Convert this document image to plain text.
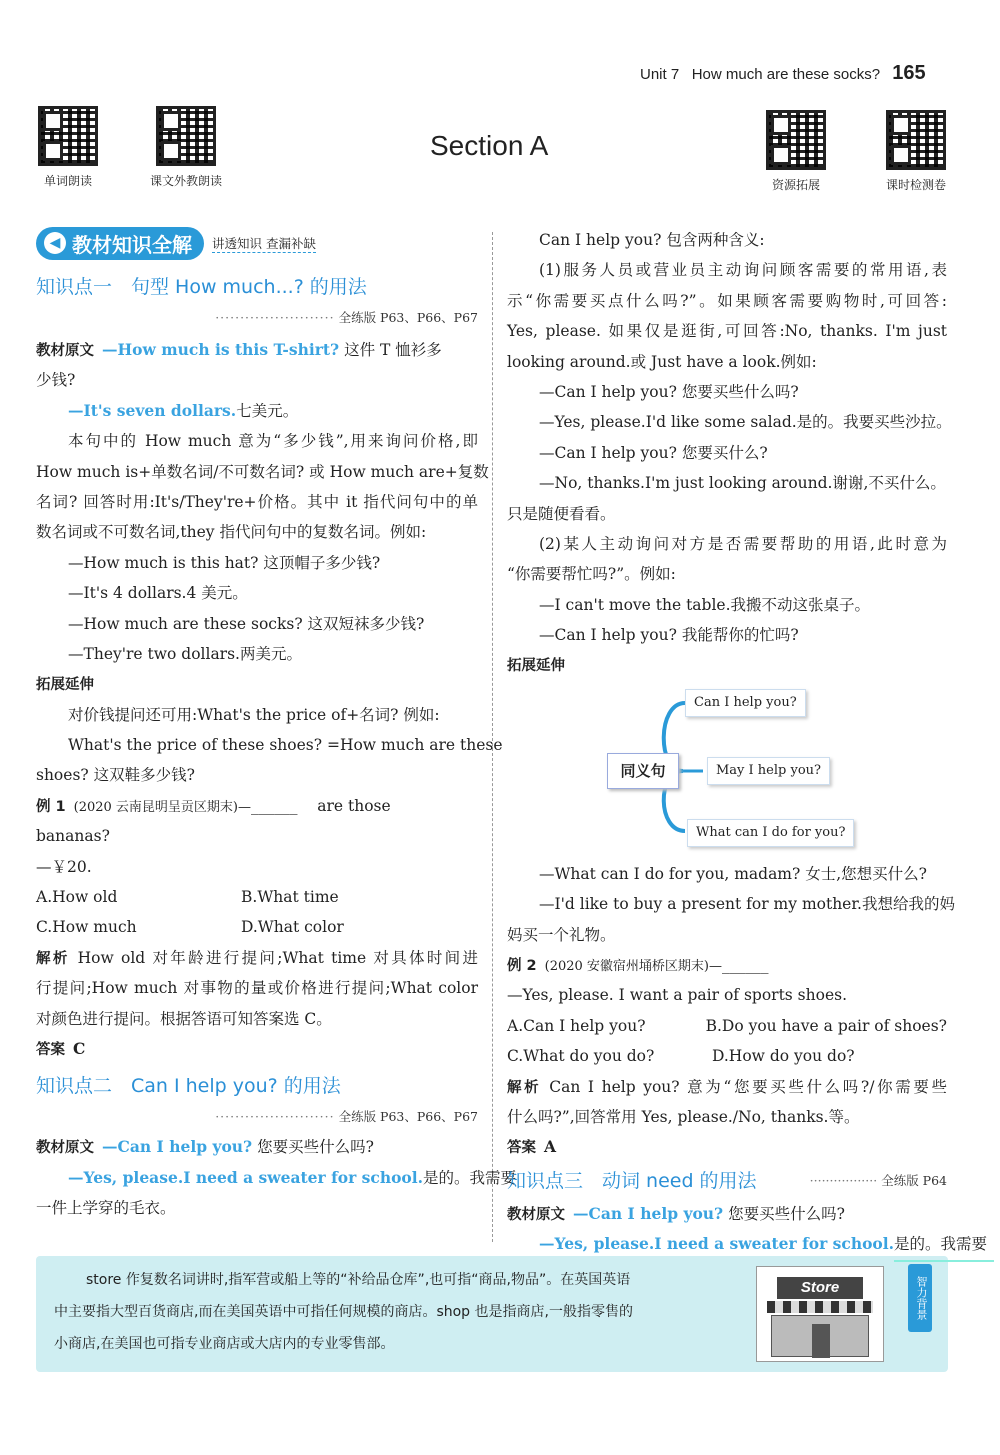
Unit 7 How much are these socks? 165
单词朗读	课文外教朗读	资源拓展	课时检测卷
Section A
◀ 教材知识全解 讲透知识 查漏补缺
知识点一　句型 How much...? 的用法
························ 全练版 P63、P66、P67
教材原文 —How much is this T-shirt? 这件 T 恤衫多
少钱?
—It's seven dollars.七美元。
本句中的 How much 意为“多少钱”,用来询问价格,即
How much is+单数名词/不可数名词? 或 How much are+复数
名词? 回答时用:It's/They're+价格。其中 it 指代问句中的单
数名词或不可数名词,they 指代问句中的复数名词。例如:
—How much is this hat? 这顶帽子多少钱?
—It's 4 dollars.4 美元。
—How much are these socks? 这双短袜多少钱?
—They're two dollars.两美元。
拓展延伸
对价钱提问还可用:What's the price of+名词? 例如:
What's the price of these shoes? =How much are these
shoes? 这双鞋多少钱?
例 1 (2020 云南昆明呈贡区期末)—______ are those
bananas?
—￥20.
A.How old	B.What time
C.How much	D.What color
解析 How old 对年龄进行提问;What time 对具体时间进
行提问;How much 对事物的量或价格进行提问;What color
对颜色进行提问。根据答语可知答案选 C。
答案 C
知识点二　Can I help you? 的用法
························ 全练版 P63、P66、P67
教材原文 —Can I help you? 您要买些什么吗?
—Yes, please.I need a sweater for school.是的。我需要
一件上学穿的毛衣。
Can I help you? 包含两种含义:
(1)服务人员或营业员主动询问顾客需要的常用语,表
示“你需要买点什么吗?”。如果顾客需要购物时,可回答:
Yes, please. 如果仅是逛街,可回答:No, thanks. I'm just
looking around.或 Just have a look.例如:
—Can I help you? 您要买些什么吗?
—Yes, please.I'd like some salad.是的。我要买些沙拉。
—Can I help you? 您要买什么?
—No, thanks.I'm just looking around.谢谢,不买什么。
只是随便看看。
(2)某人主动询问对方是否需要帮助的用语,此时意为
“你需要帮忙吗?”。例如:
—I can't move the table.我搬不动这张桌子。
—Can I help you? 我能帮你的忙吗?
拓展延伸
同义句
Can I help you?
May I help you?
What can I do for you?
—What can I do for you, madam? 女士,您想买什么?
—I'd like to buy a present for my mother.我想给我的妈
妈买一个礼物。
例 2 (2020 安徽宿州埇桥区期末)—______
—Yes, please. I want a pair of sports shoes.
A.Can I help you?	B.Do you have a pair of shoes?
C.What do you do?	D.How do you do?
解析 Can I help you? 意为“您要买些什么吗?/你需要些
什么吗?”,回答常用 Yes, please./No, thanks.等。
答案 A
知识点三　动词 need 的用法	················· 全练版 P64
教材原文 —Can I help you? 您要买些什么吗?
—Yes, please.I need a sweater for school.是的。我需要
store 作复数名词讲时,指军营或船上等的“补给品仓库”,也可指“商品,物品”。在英国英语
中主要指大型百货商店,而在美国英语中可指任何规模的商店。shop 也是指商店,一般指零售的
小商店,在美国也可指专业商店或大店内的专业零售部。
Store	智力背景
